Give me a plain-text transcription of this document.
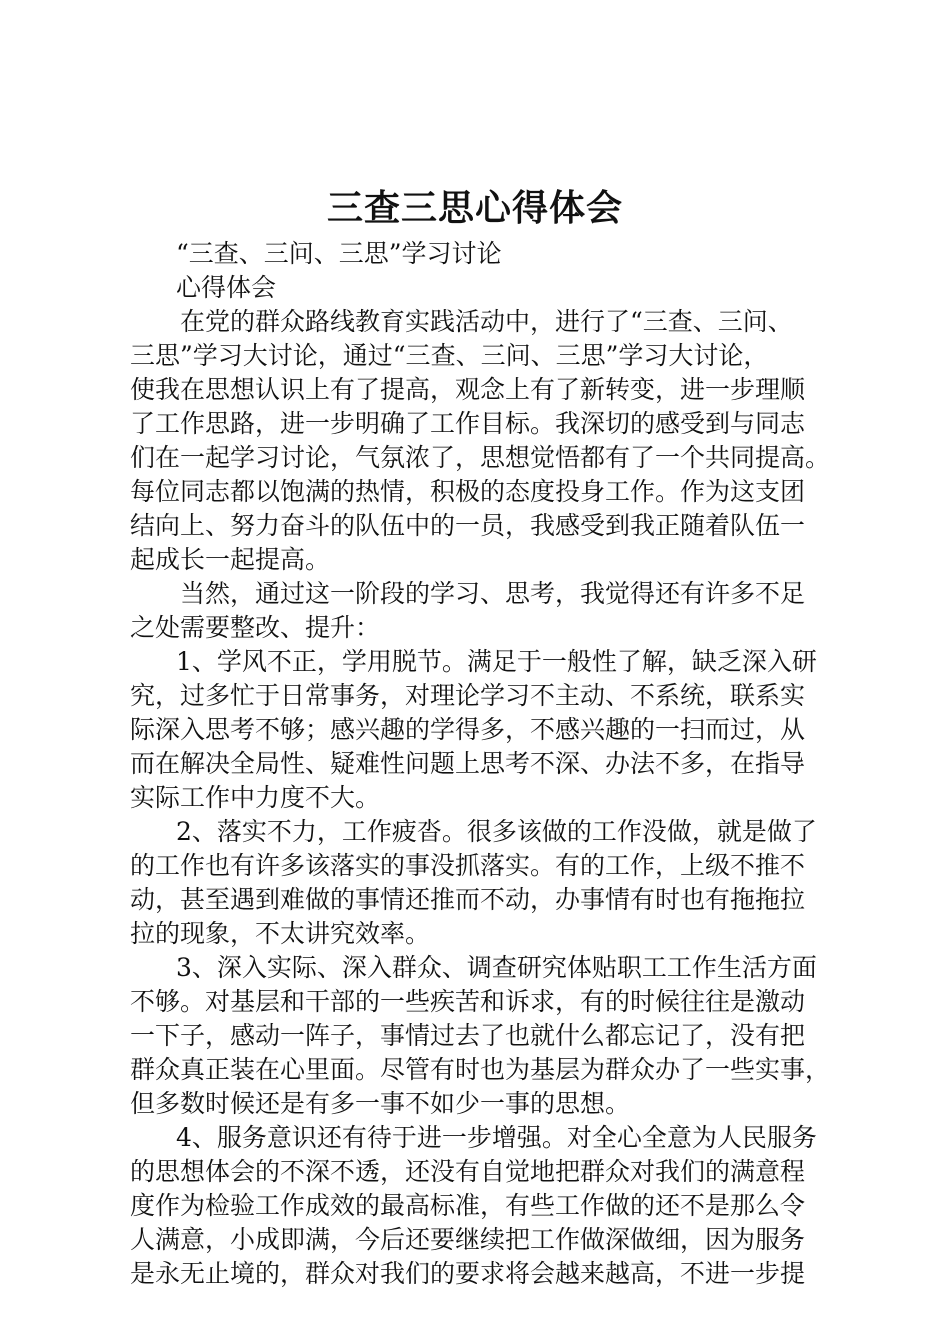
三查三思心得体会
“三查、三问、三思”学习讨论
心得体会
在党的群众路线教育实践活动中，进行了“三查、三问、
三思”学习大讨论，通过“三查、三问、三思”学习大讨论，
使我在思想认识上有了提高，观念上有了新转变，进一步理顺
了工作思路，进一步明确了工作目标。我深切的感受到与同志
们在一起学习讨论，气氛浓了，思想觉悟都有了一个共同提高。
每位同志都以饱满的热情，积极的态度投身工作。作为这支团
结向上、努力奋斗的队伍中的一员，我感受到我正随着队伍一
起成长一起提高。
当然，通过这一阶段的学习、思考，我觉得还有许多不足
之处需要整改、提升：
1、学风不正，学用脱节。满足于一般性了解，缺乏深入研
究，过多忙于日常事务，对理论学习不主动、不系统，联系实
际深入思考不够；感兴趣的学得多，不感兴趣的一扫而过，从
而在解决全局性、疑难性问题上思考不深、办法不多，在指导
实际工作中力度不大。
2、落实不力，工作疲沓。很多该做的工作没做，就是做了
的工作也有许多该落实的事没抓落实。有的工作，上级不推不
动，甚至遇到难做的事情还推而不动，办事情有时也有拖拖拉
拉的现象，不太讲究效率。
3、深入实际、深入群众、调查研究体贴职工工作生活方面
不够。对基层和干部的一些疾苦和诉求，有的时候往往是激动
一下子，感动一阵子，事情过去了也就什么都忘记了，没有把
群众真正装在心里面。尽管有时也为基层为群众办了一些实事，
但多数时候还是有多一事不如少一事的思想。
4、服务意识还有待于进一步增强。对全心全意为人民服务
的思想体会的不深不透，还没有自觉地把群众对我们的满意程
度作为检验工作成效的最高标准，有些工作做的还不是那么令
人满意，小成即满，今后还要继续把工作做深做细，因为服务
是永无止境的，群众对我们的要求将会越来越高，不进一步提
